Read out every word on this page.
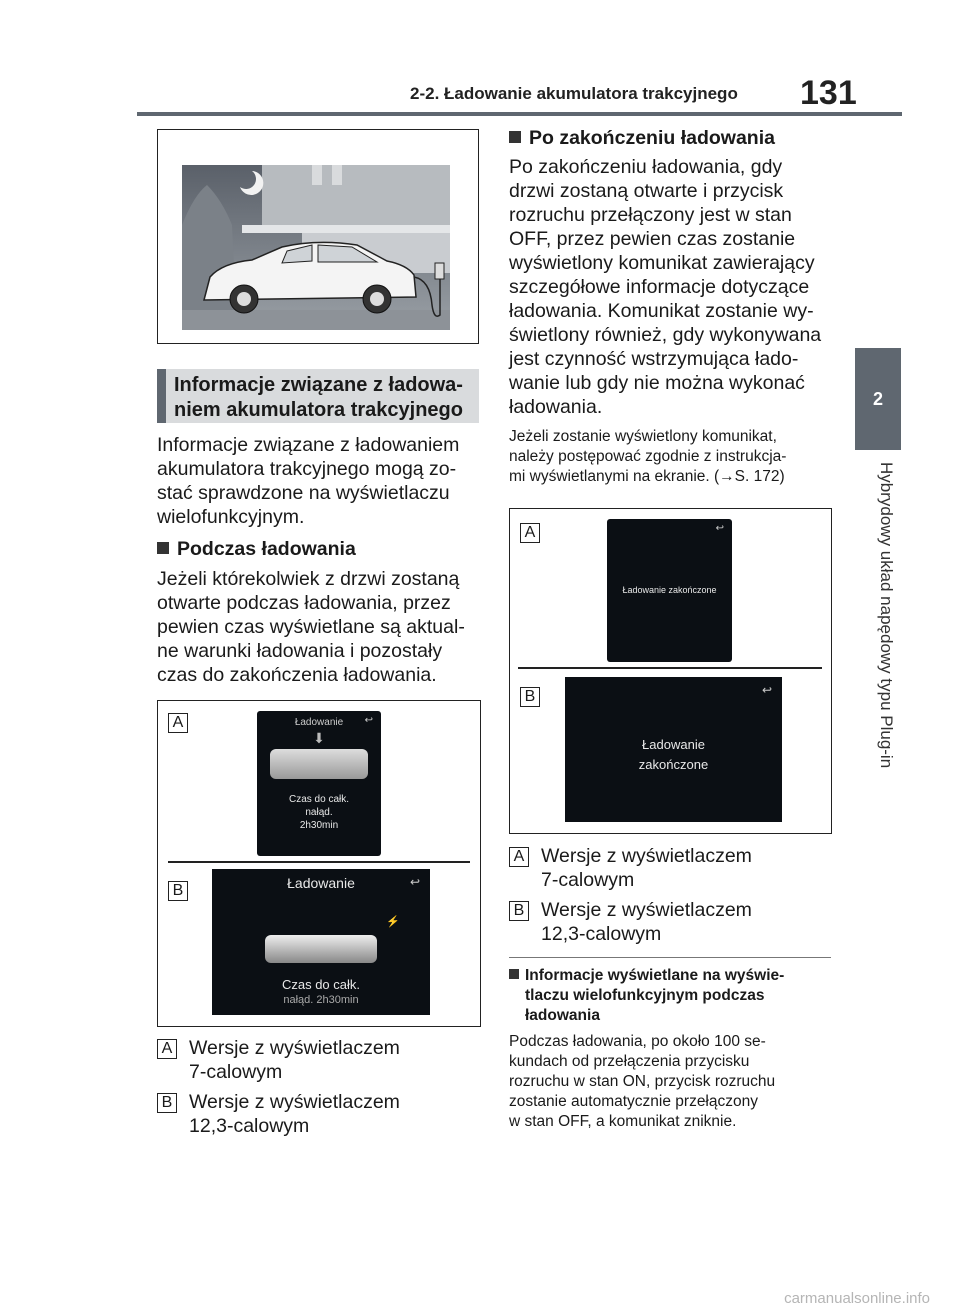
2-2. Ładowanie akumulatora trakcyjnego 131
2
Hybrydowy układ napędowy typu Plug-in
Informacje związane z ładowa-
niem akumulatora trakcyjnego

Informacje związane z ładowaniem

akumulatora trakcyjnego mogą zo-

stać sprawdzone na wyświetlaczu

wielofunkcyjnym.

Podczas ładowania

Jeżeli którekolwiek z drzwi zostaną

otwarte podczas ładowania, przez

pewien czas wyświetlane są aktual-

ne warunki ładowania i pozostały

czas do zakończenia ładowania.

A	Ładowanie	↩
⬇
Czas do całk.
nałąd.
2h30min
B	Ładowanie	↩
⚡
Czas do całk.
nałąd. 2h30min
A Wersje z wyświetlaczem
7-calowym
B Wersje z wyświetlaczem
12,3-calowym

Po zakończeniu ładowania

Po zakończeniu ładowania, gdy

drzwi zostaną otwarte i przycisk

rozruchu przełączony jest w stan

OFF, przez pewien czas zostanie

wyświetlony komunikat zawierający

szczegółowe informacje dotyczące

ładowania. Komunikat zostanie wy-

świetlony również, gdy wykonywana

jest czynność wstrzymująca łado-

wanie lub gdy nie można wykonać

ładowania.

Jeżeli zostanie wyświetlony komunikat,

należy postępować zgodnie z instrukcja-

mi wyświetlanymi na ekranie. (→S. 172)

A	↩
Ładowanie zakończone
B	↩
Ładowanie
zakończone
A Wersje z wyświetlaczem
7-calowym
B Wersje z wyświetlaczem
12,3-calowym

Informacje wyświetlane na wyświe-

tlaczu wielofunkcyjnym podczas

ładowania

Podczas ładowania, po około 100 se-

kundach od przełączenia przycisku

rozruchu w stan ON, przycisk rozruchu

zostanie automatycznie przełączony

w stan OFF, a komunikat zniknie.

carmanualsonline.info
